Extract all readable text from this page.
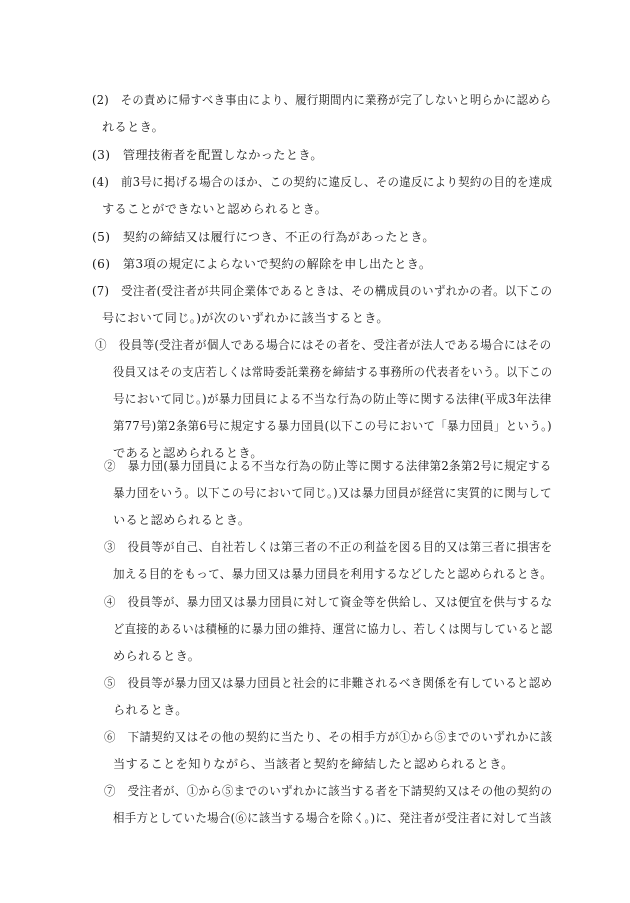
(2)　その責めに帰すべき事由により、履行期間内に業務が完了しないと明らかに認めら
れるとき。
(3)　管理技術者を配置しなかったとき。
(4)　前3号に掲げる場合のほか、この契約に違反し、その違反により契約の目的を達成
することができないと認められるとき。
(5)　契約の締結又は履行につき、不正の行為があったとき。
(6)　第3項の規定によらないで契約の解除を申し出たとき。
(7)　受注者(受注者が共同企業体であるときは、その構成員のいずれかの者。以下この
号において同じ。)が次のいずれかに該当するとき。
①　役員等(受注者が個人である場合にはその者を、受注者が法人である場合にはその
役員又はその支店若しくは常時委託業務を締結する事務所の代表者をいう。以下この
号において同じ。)が暴力団員による不当な行為の防止等に関する法律(平成3年法律
第77号)第2条第6号に規定する暴力団員(以下この号において「暴力団員」という。)
であると認められるとき。
②　暴力団(暴力団員による不当な行為の防止等に関する法律第2条第2号に規定する
暴力団をいう。以下この号において同じ。)又は暴力団員が経営に実質的に関与して
いると認められるとき。
③　役員等が自己、自社若しくは第三者の不正の利益を図る目的又は第三者に損害を
加える目的をもって、暴力団又は暴力団員を利用するなどしたと認められるとき。
④　役員等が、暴力団又は暴力団員に対して資金等を供給し、又は便宜を供与するな
ど直接的あるいは積極的に暴力団の維持、運営に協力し、若しくは関与していると認
められるとき。
⑤　役員等が暴力団又は暴力団員と社会的に非難されるべき関係を有していると認め
られるとき。
⑥　下請契約又はその他の契約に当たり、その相手方が①から⑤までのいずれかに該
当することを知りながら、当該者と契約を締結したと認められるとき。
⑦　受注者が、①から⑤までのいずれかに該当する者を下請契約又はその他の契約の
相手方としていた場合(⑥に該当する場合を除く。)に、発注者が受注者に対して当該
